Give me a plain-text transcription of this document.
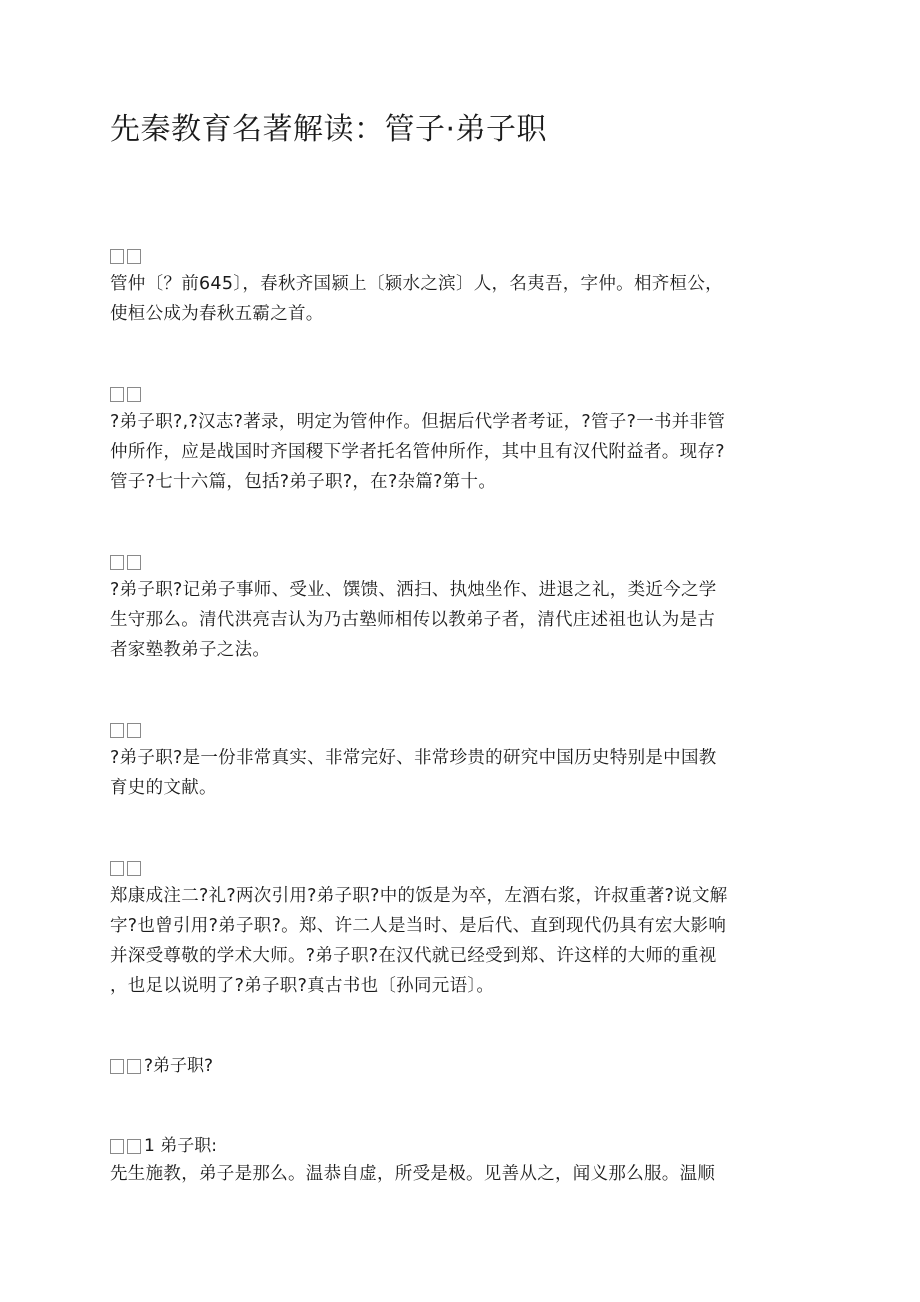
先秦教育名著解读：管子·弟子职
管仲〔？前645〕，春秋齐国颍上〔颍水之滨〕人，名夷吾，字仲。相齐桓公，
使桓公成为春秋五霸之首。
?弟子职?,?汉志?著录，明定为管仲作。但据后代学者考证，?管子?一书并非管
仲所作，应是战国时齐国稷下学者托名管仲所作，其中且有汉代附益者。现存?
管子?七十六篇，包括?弟子职?，在?杂篇?第十。
?弟子职?记弟子事师、受业、馔馈、洒扫、执烛坐作、进退之礼，类近今之学
生守那么。清代洪亮吉认为乃古塾师相传以教弟子者，清代庄述祖也认为是古
者家塾教弟子之法。
?弟子职?是一份非常真实、非常完好、非常珍贵的研究中国历史特别是中国教
育史的文献。
郑康成注二?礼?两次引用?弟子职?中的饭是为卒，左酒右浆，许叔重著?说文解
字?也曾引用?弟子职?。郑、许二人是当时、是后代、直到现代仍具有宏大影响
并深受尊敬的学术大师。?弟子职?在汉代就已经受到郑、许这样的大师的重视
，也足以说明了?弟子职?真古书也〔孙同元语〕。
?弟子职?
1 弟子职:
先生施教，弟子是那么。温恭自虚，所受是极。见善从之，闻义那么服。温顺
